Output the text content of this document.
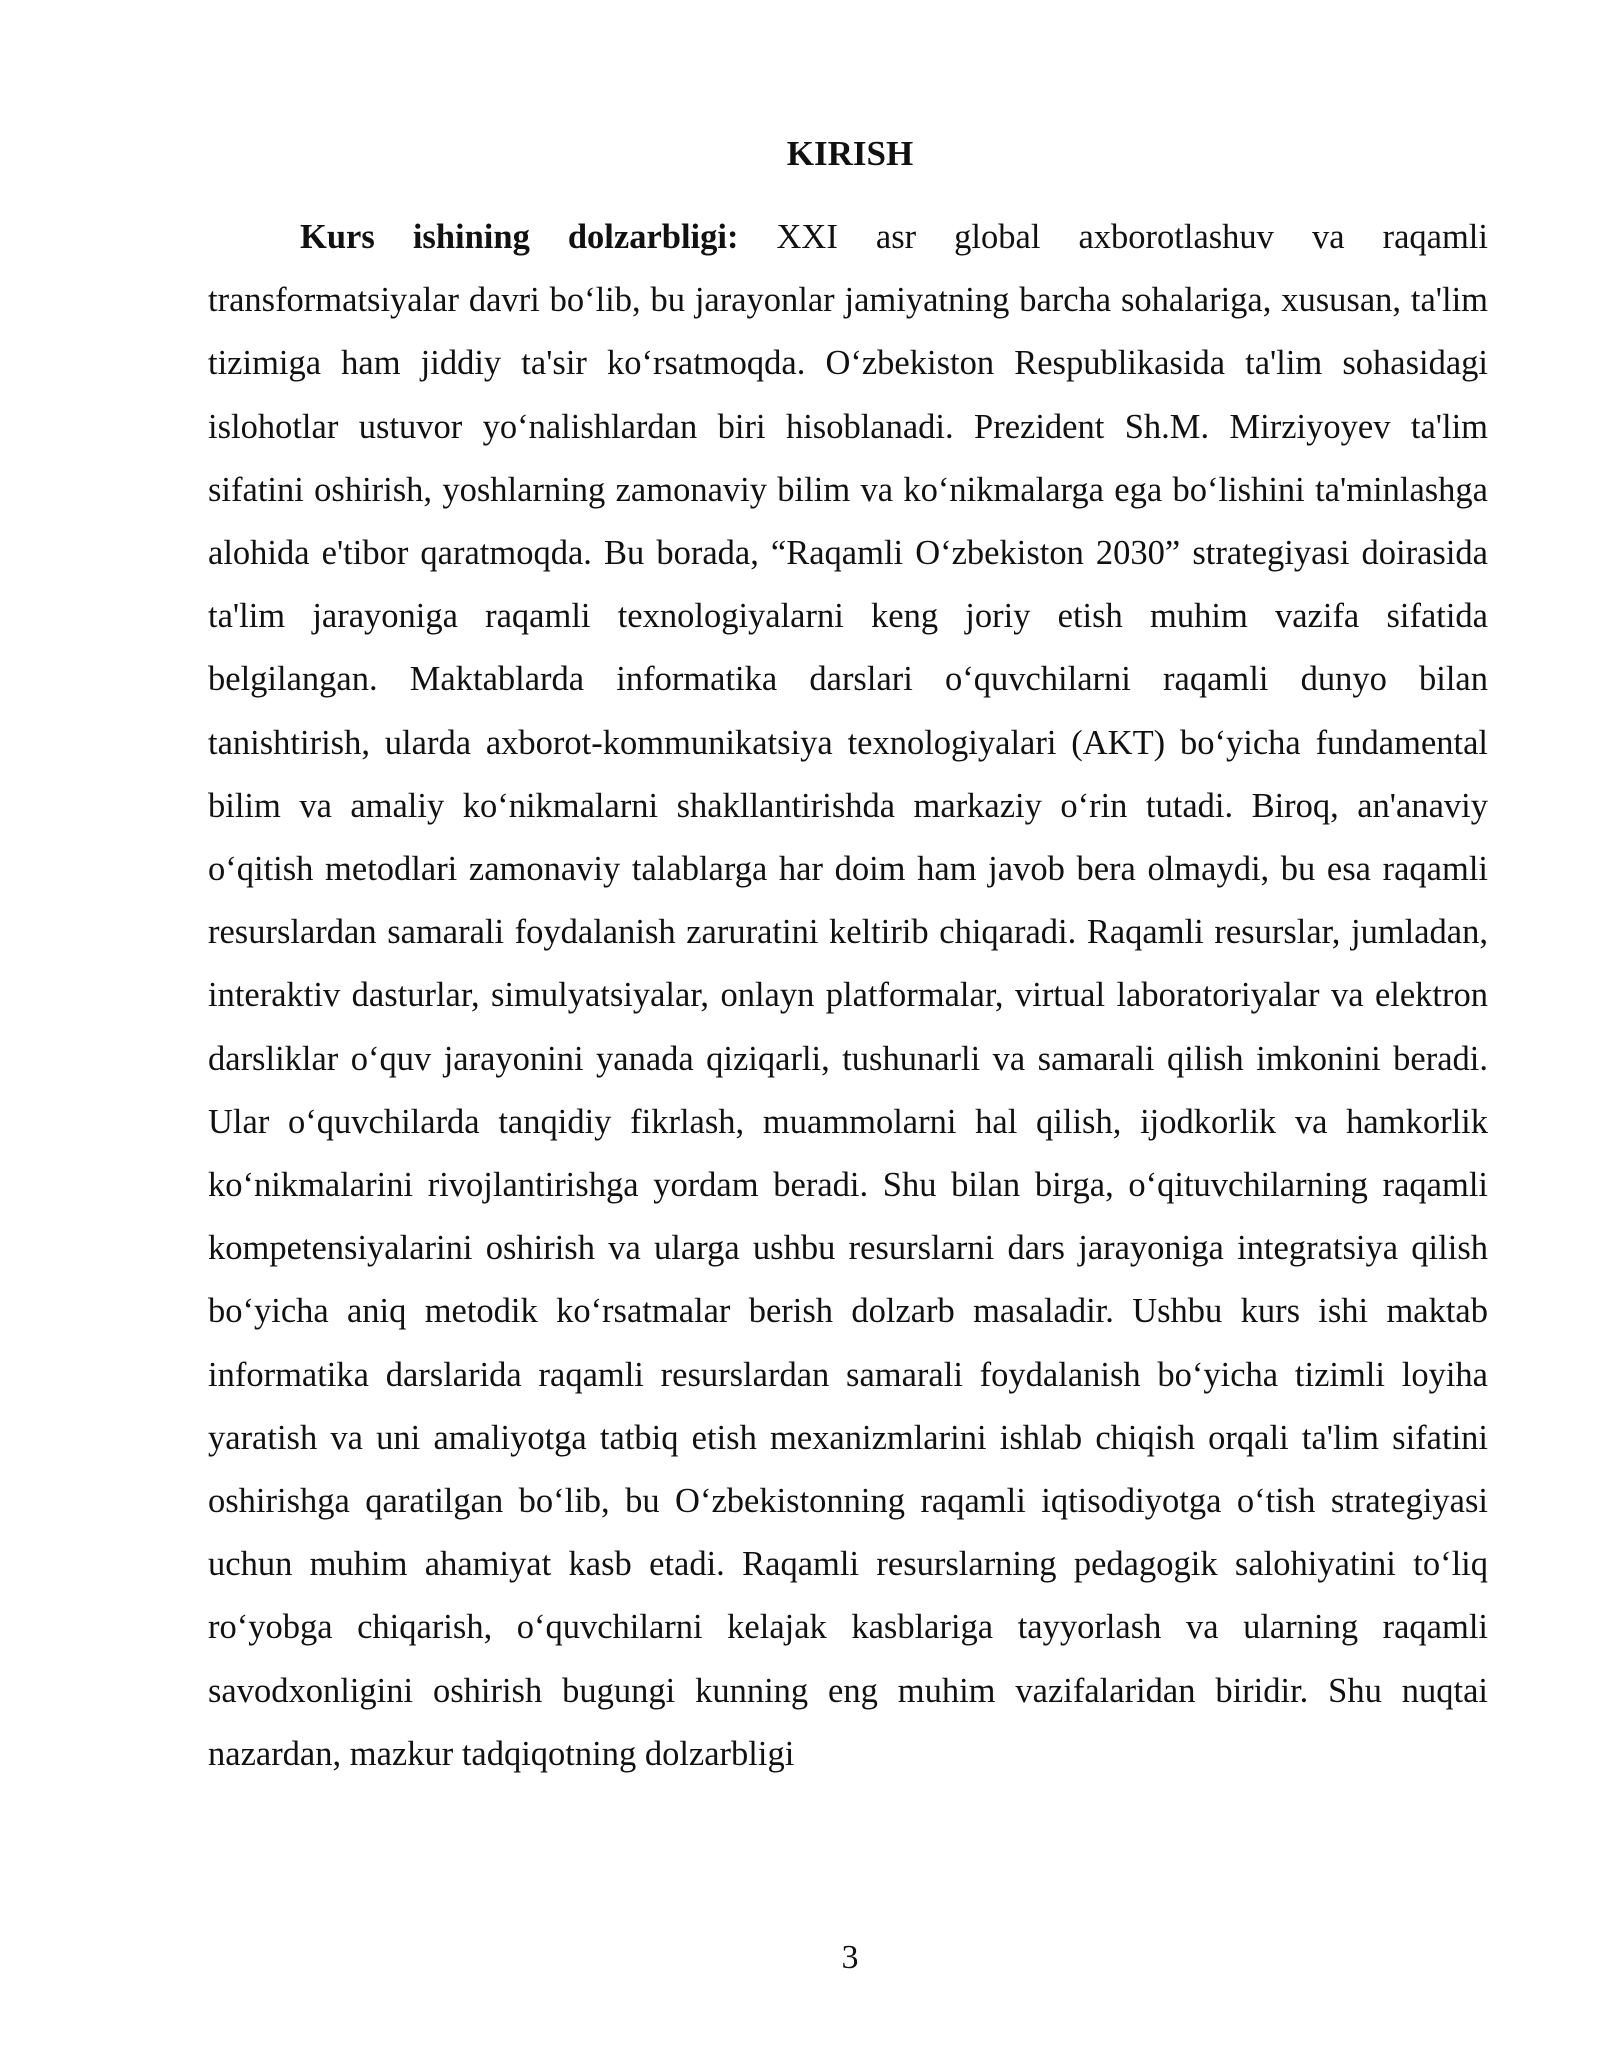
KIRISH

Kurs ishining dolzarbligi: XXI asr global axborotlashuv va raqamli transformatsiyalar davri bo‘lib, bu jarayonlar jamiyatning barcha sohalariga, xususan, ta'lim tizimiga ham jiddiy ta'sir ko‘rsatmoqda. O‘zbekiston Respublikasida ta'lim sohasidagi islohotlar ustuvor yo‘nalishlardan biri hisoblanadi. Prezident Sh.M. Mirziyoyev ta'lim sifatini oshirish, yoshlarning zamonaviy bilim va ko‘nikmalarga ega bo‘lishini ta'minlashga alohida e'tibor qaratmoqda. Bu borada, “Raqamli O‘zbekiston 2030” strategiyasi doirasida ta'lim jarayoniga raqamli texnologiyalarni keng joriy etish muhim vazifa sifatida belgilangan. Maktablarda informatika darslari o‘quvchilarni raqamli dunyo bilan tanishtirish, ularda axborot-kommunikatsiya texnologiyalari (AKT) bo‘yicha fundamental bilim va amaliy ko‘nikmalarni shakllantirishda markaziy o‘rin tutadi. Biroq, an'anaviy o‘qitish metodlari zamonaviy talablarga har doim ham javob bera olmaydi, bu esa raqamli resurslardan samarali foydalanish zaruratini keltirib chiqaradi. Raqamli resurslar, jumladan, interaktiv dasturlar, simulyatsiyalar, onlayn platformalar, virtual laboratoriyalar va elektron darsliklar o‘quv jarayonini yanada qiziqarli, tushunarli va samarali qilish imkonini beradi. Ular o‘quvchilarda tanqidiy fikrlash, muammolarni hal qilish, ijodkorlik va hamkorlik ko‘nikmalarini rivojlantirishga yordam beradi. Shu bilan birga, o‘qituvchilarning raqamli kompetensiyalarini oshirish va ularga ushbu resurslarni dars jarayoniga integratsiya qilish bo‘yicha aniq metodik ko‘rsatmalar berish dolzarb masaladir. Ushbu kurs ishi maktab informatika darslarida raqamli resurslardan samarali foydalanish bo‘yicha tizimli loyiha yaratish va uni amaliyotga tatbiq etish mexanizmlarini ishlab chiqish orqali ta'lim sifatini oshirishga qaratilgan bo‘lib, bu O‘zbekistonning raqamli iqtisodiyotga o‘tish strategiyasi uchun muhim ahamiyat kasb etadi. Raqamli resurslarning pedagogik salohiyatini to‘liq ro‘yobga chiqarish, o‘quvchilarni kelajak kasblariga tayyorlash va ularning raqamli savodxonligini oshirish bugungi kunning eng muhim vazifalaridan biridir. Shu nuqtai nazardan, mazkur tadqiqotning dolzarbligi

3
